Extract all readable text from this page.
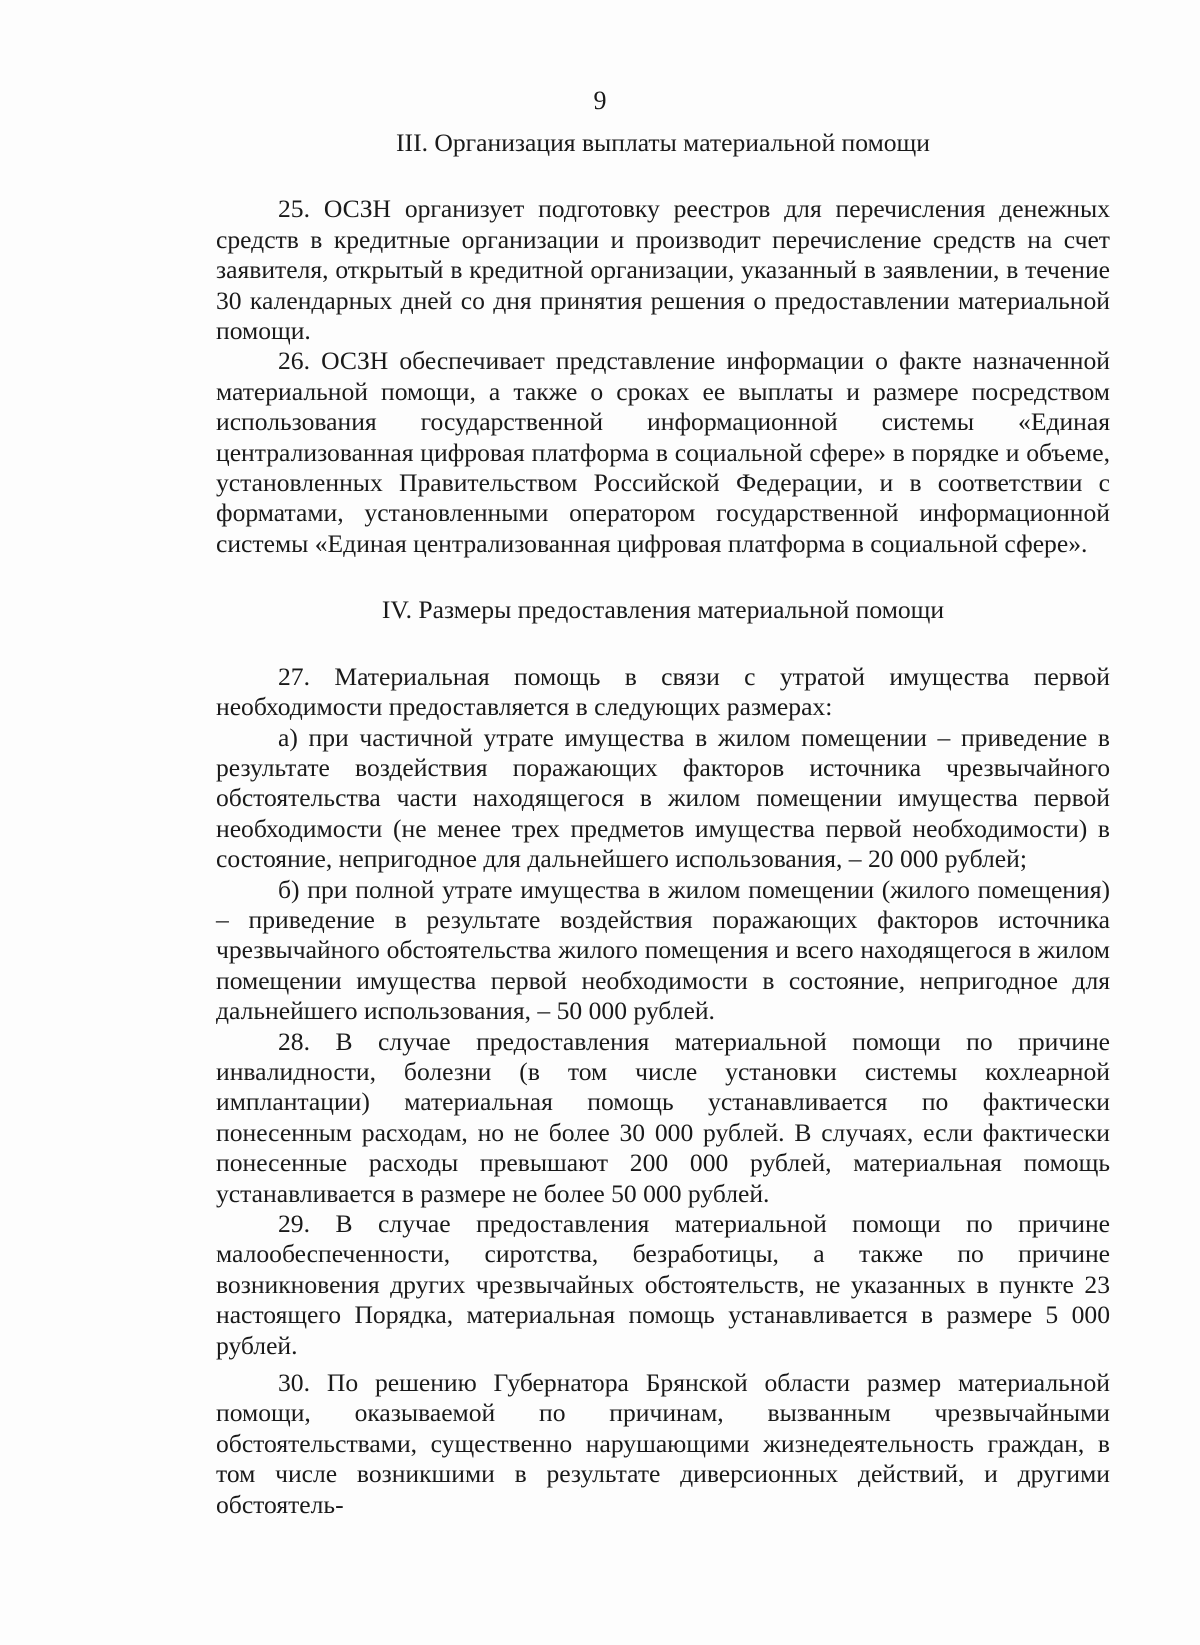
9
III. Организация выплаты материальной помощи

25. ОСЗН организует подготовку реестров для перечисления денежных средств в кредитные организации и производит перечисление средств на счет заявителя, открытый в кредитной организации, указанный в заявлении, в течение 30 календарных дней со дня принятия решения о предоставлении материальной помощи.

26. ОСЗН обеспечивает представление информации о факте назначенной материальной помощи, а также о сроках ее выплаты и размере посредством использования государственной информационной системы «Единая централизованная цифровая платформа в социальной сфере» в порядке и объеме, установленных Правительством Российской Федерации, и в соответствии с форматами, установленными оператором государственной информационной системы «Единая централизованная цифровая платформа в социальной сфере».

IV. Размеры предоставления материальной помощи

27. Материальная помощь в связи с утратой имущества первой необходимости предоставляется в следующих размерах:

а) при частичной утрате имущества в жилом помещении – приведение в результате воздействия поражающих факторов источника чрезвычайного обстоятельства части находящегося в жилом помещении имущества первой необходимости (не менее трех предметов имущества первой необходимости) в состояние, непригодное для дальнейшего использования, – 20 000 рублей;

б) при полной утрате имущества в жилом помещении (жилого помещения) – приведение в результате воздействия поражающих факторов источника чрезвычайного обстоятельства жилого помещения и всего находящегося в жилом помещении имущества первой необходимости в состояние, непригодное для дальнейшего использования, – 50 000 рублей.

28. В случае предоставления материальной помощи по причине инвалидности, болезни (в том числе установки системы кохлеарной имплантации) материальная помощь устанавливается по фактически понесенным расходам, но не более 30 000 рублей. В случаях, если фактически понесенные расходы превышают 200 000 рублей, материальная помощь устанавливается в размере не более 50 000 рублей.

29. В случае предоставления материальной помощи по причине малообеспеченности, сиротства, безработицы, а также по причине возникновения других чрезвычайных обстоятельств, не указанных в пункте 23 настоящего Порядка, материальная помощь устанавливается в размере 5 000 рублей.

30. По решению Губернатора Брянской области размер материальной помощи, оказываемой по причинам, вызванным чрезвычайными обстоятельствами, существенно нарушающими жизнедеятельность граждан, в том числе возникшими в результате диверсионных действий, и другими обстоятель-
